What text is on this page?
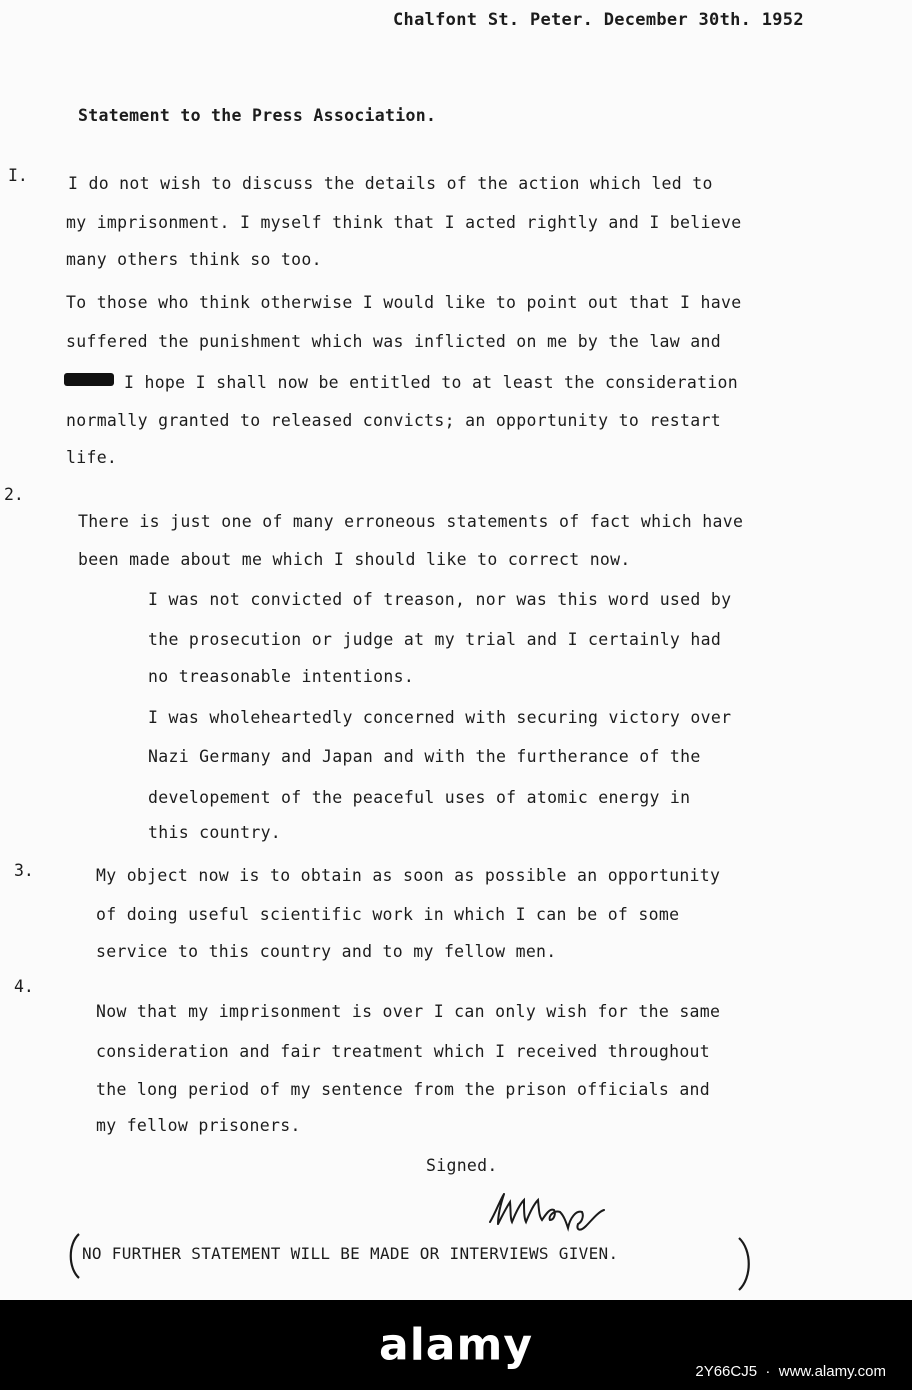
Chalfont St. Peter. December 30th. 1952
Statement to the Press Association.
I. I do not wish to discuss the details of the action which led to
my imprisonment. I myself think that I acted rightly and I believe
many others think so too.
To those who think otherwise I would like to point out that I have
suffered the punishment which was inflicted on me by the law and
I hope I shall now be entitled to at least the consideration
normally granted to released convicts; an opportunity to restart
life.
2.
There is just one of many erroneous statements of fact which have
been made about me which I should like to correct now.
I was not convicted of treason, nor was this word used by
the prosecution or judge at my trial and I certainly had
no treasonable intentions.
I was wholeheartedly concerned with securing victory over
Nazi Germany and Japan and with the furtherance of the
developement of the peaceful uses of atomic energy in
this country.
3.	My object now is to obtain as soon as possible an opportunity
of doing useful scientific work in which I can be of some
service to this country and to my fellow men.
4.
Now that my imprisonment is over I can only wish for the same
consideration and fair treatment which I received throughout
the long period of my sentence from the prison officials and
my fellow prisoners.
Signed.
NO FURTHER STATEMENT WILL BE MADE OR INTERVIEWS GIVEN.
alamy
2Y66CJ5  ·  www.alamy.com
